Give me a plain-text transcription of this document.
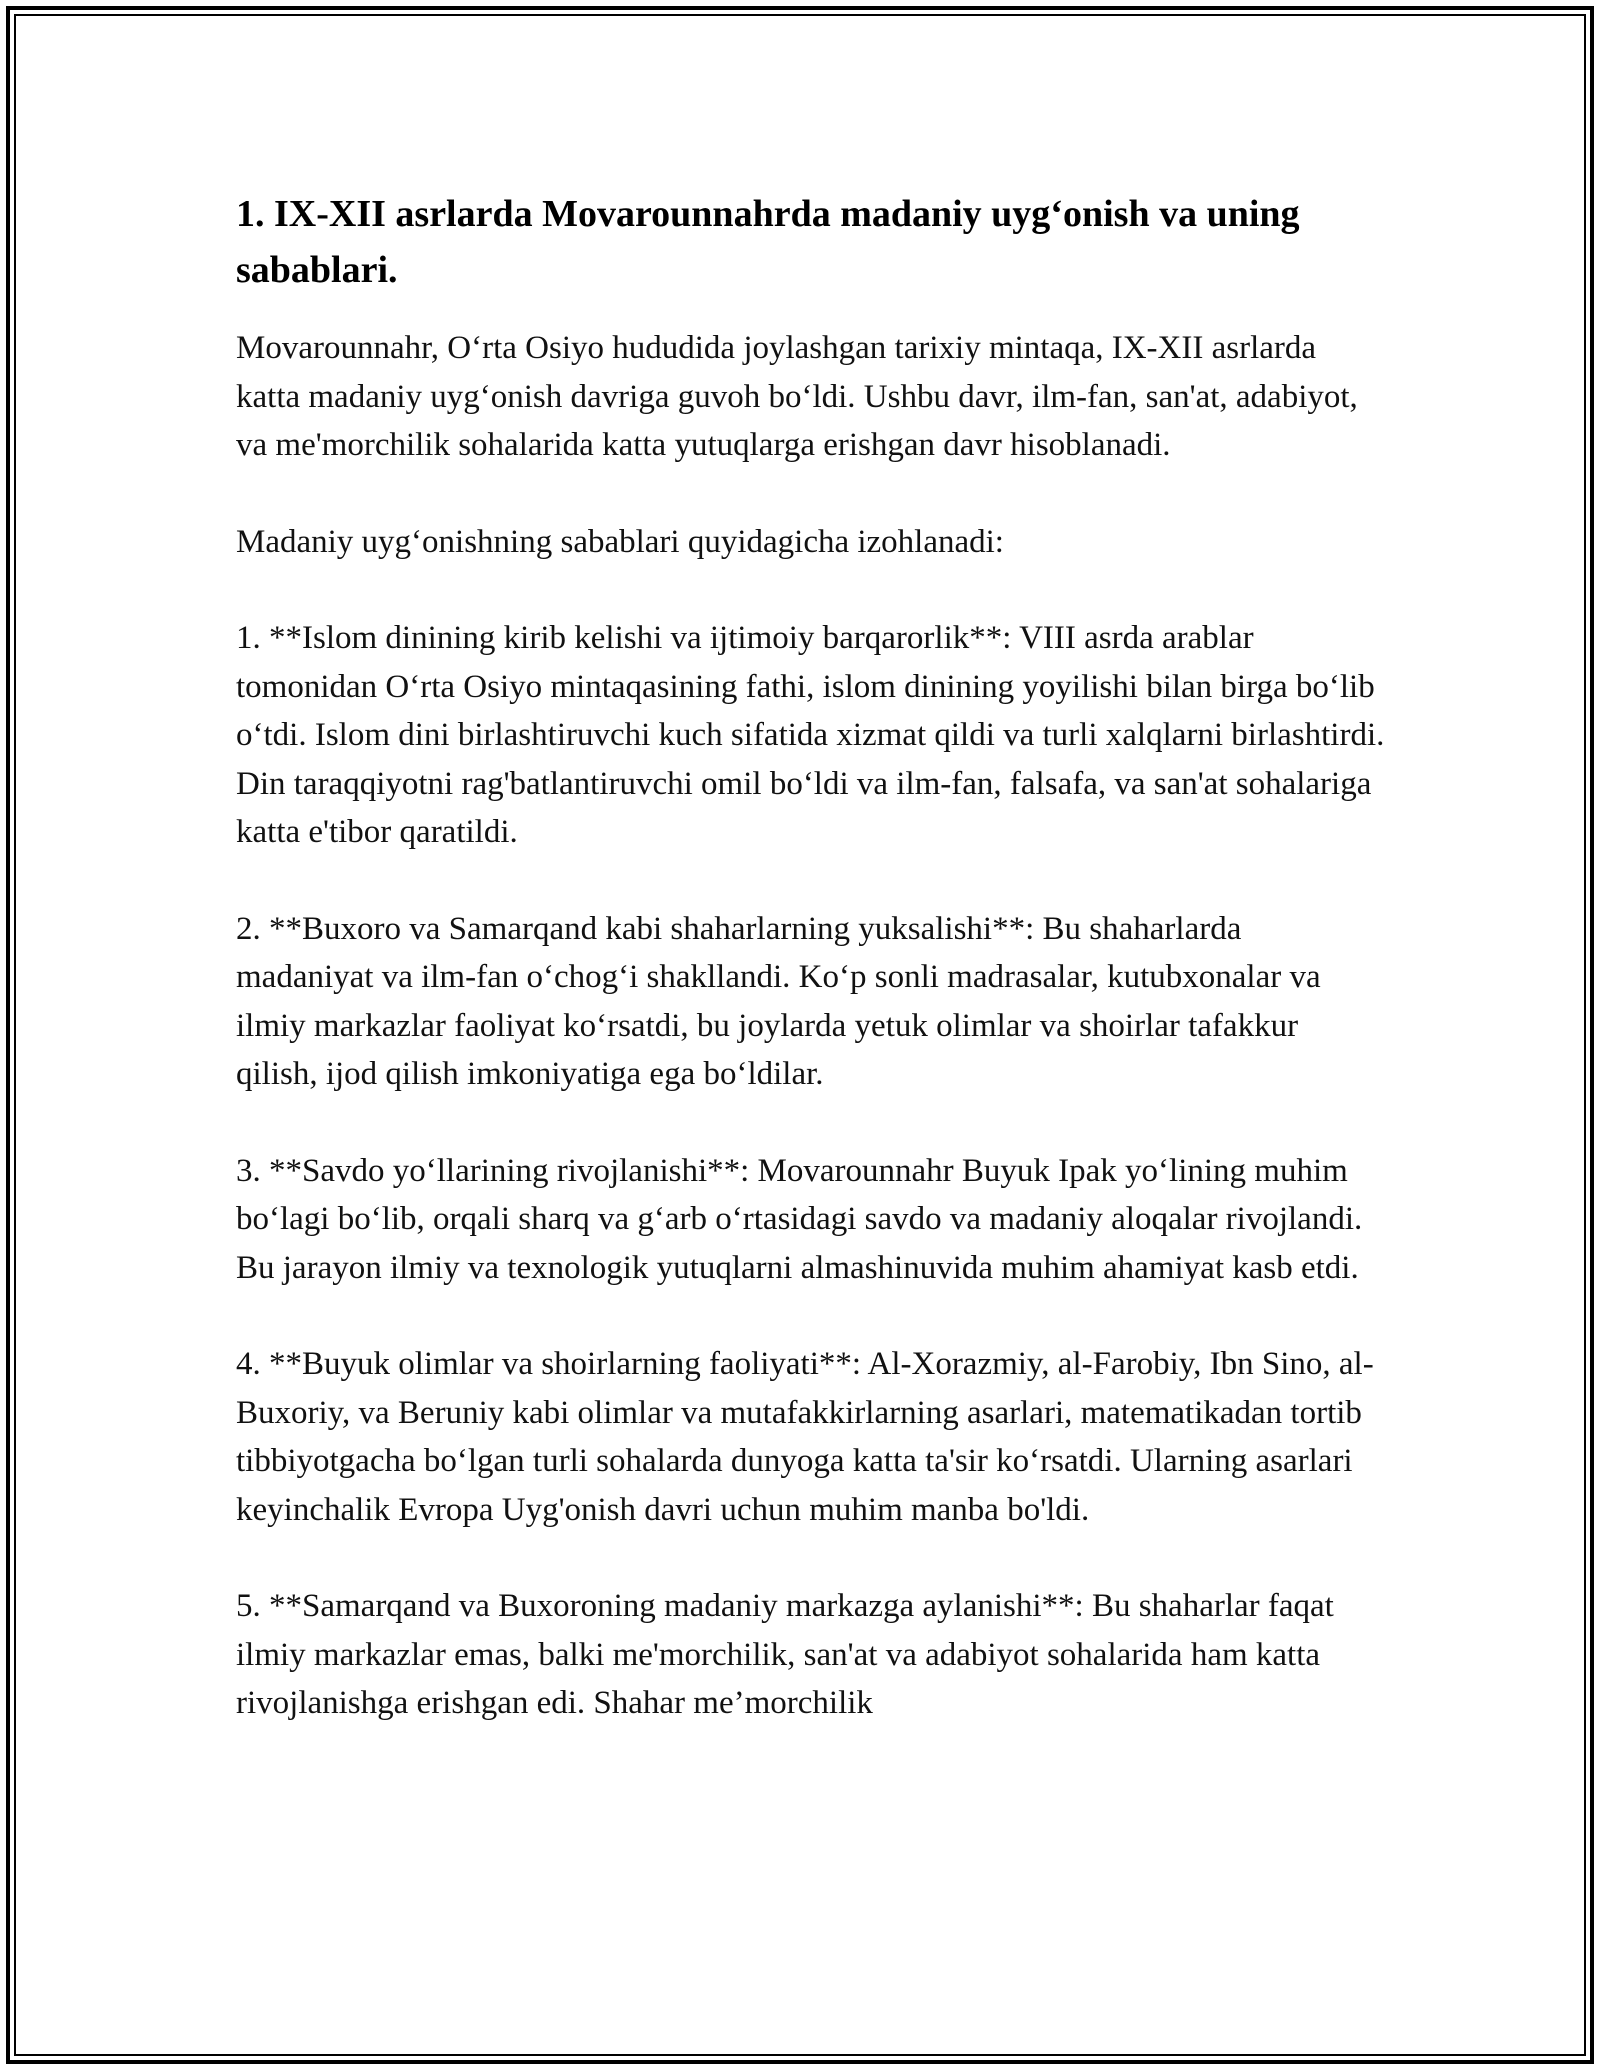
1. IX-XII asrlarda Movarounnahrda madaniy uyg‘onish va uning sabablari.

Movarounnahr, O‘rta Osiyo hududida joylashgan tarixiy mintaqa, IX-XII asrlarda katta madaniy uyg‘onish davriga guvoh bo‘ldi. Ushbu davr, ilm-fan, san'at, adabiyot, va me'morchilik sohalarida katta yutuqlarga erishgan davr hisoblanadi.

Madaniy uyg‘onishning sabablari quyidagicha izohlanadi:

1. **Islom dinining kirib kelishi va ijtimoiy barqarorlik**: VIII asrda arablar tomonidan O‘rta Osiyo mintaqasining fathi, islom dinining yoyilishi bilan birga bo‘lib o‘tdi. Islom dini birlashtiruvchi kuch sifatida xizmat qildi va turli xalqlarni birlashtirdi. Din taraqqiyotni rag'batlantiruvchi omil bo‘ldi va ilm-fan, falsafa, va san'at sohalariga katta e'tibor qaratildi.

2. **Buxoro va Samarqand kabi shaharlarning yuksalishi**: Bu shaharlarda madaniyat va ilm-fan o‘chog‘i shakllandi. Ko‘p sonli madrasalar, kutubxonalar va ilmiy markazlar faoliyat ko‘rsatdi, bu joylarda yetuk olimlar va shoirlar tafakkur qilish, ijod qilish imkoniyatiga ega bo‘ldilar.

3. **Savdo yo‘llarining rivojlanishi**: Movarounnahr Buyuk Ipak yo‘lining muhim bo‘lagi bo‘lib, orqali sharq va g‘arb o‘rtasidagi savdo va madaniy aloqalar rivojlandi. Bu jarayon ilmiy va texnologik yutuqlarni almashinuvida muhim ahamiyat kasb etdi.

4. **Buyuk olimlar va shoirlarning faoliyati**: Al-Xorazmiy, al-Farobiy, Ibn Sino, al-Buxoriy, va Beruniy kabi olimlar va mutafakkirlarning asarlari, matematikadan tortib tibbiyotgacha bo‘lgan turli sohalarda dunyoga katta ta'sir ko‘rsatdi. Ularning asarlari keyinchalik Evropa Uyg'onish davri uchun muhim manba bo'ldi.

5. **Samarqand va Buxoroning madaniy markazga aylanishi**: Bu shaharlar faqat ilmiy markazlar emas, balki me'morchilik, san'at va adabiyot sohalarida ham katta rivojlanishga erishgan edi. Shahar me’morchilik
